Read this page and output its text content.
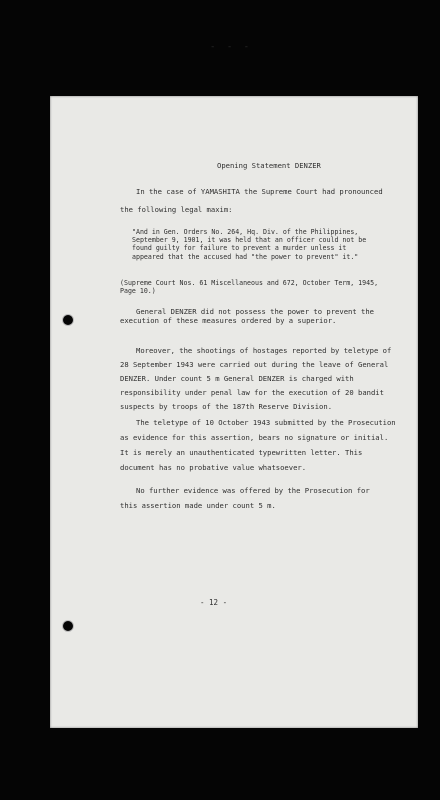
- - -
Opening Statement DENZER
In the case of YAMASHITA the Supreme Court had pronounced
the following legal maxim:
"And in Gen. Orders No. 264, Hq. Div. of the Philippines,
September 9, 1901, it was held that an officer could not be
found guilty for failure to prevent a murder unless it
appeared that the accused had "the power to prevent" it."
(Supreme Court Nos. 61 Miscellaneous and 672, October Term, 1945,
Page 10.)
General DENZER did not possess the power to prevent the
execution of these measures ordered by a superior.
Moreover, the shootings of hostages reported by teletype of
28 September 1943 were carried out during the leave of General
DENZER. Under count 5 m General DENZER is charged with
responsibility under penal law for the execution of 20 bandit
suspects by troops of the 187th Reserve Division.
The teletype of 10 October 1943 submitted by the Prosecution
as evidence for this assertion, bears no signature or initial.
It is merely an unauthenticated typewritten letter. This
document has no probative value whatsoever.
No further evidence was offered by the Prosecution for
this assertion made under count 5 m.
- 12 -
